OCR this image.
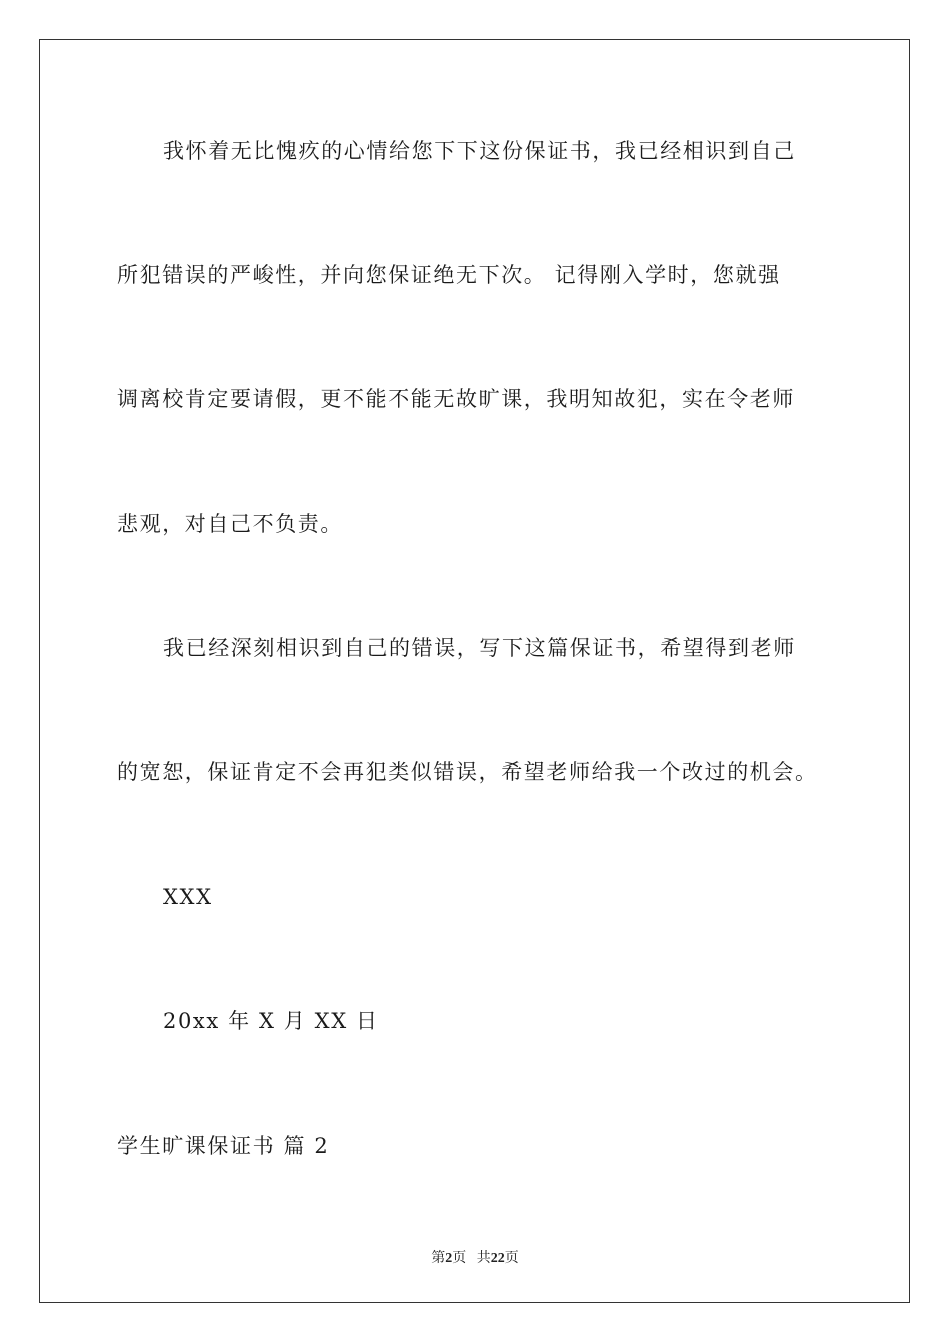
我怀着无比愧疚的心情给您下下这份保证书，我已经相识到自己
所犯错误的严峻性，并向您保证绝无下次。 记得刚入学时，您就强
调离校肯定要请假，更不能不能无故旷课，我明知故犯，实在令老师
悲观，对自己不负责。
我已经深刻相识到自己的错误，写下这篇保证书，希望得到老师
的宽恕，保证肯定不会再犯类似错误，希望老师给我一个改过的机会。
XXX
20xx 年 X 月 XX 日
学生旷课保证书 篇 2
第2页 共22页
